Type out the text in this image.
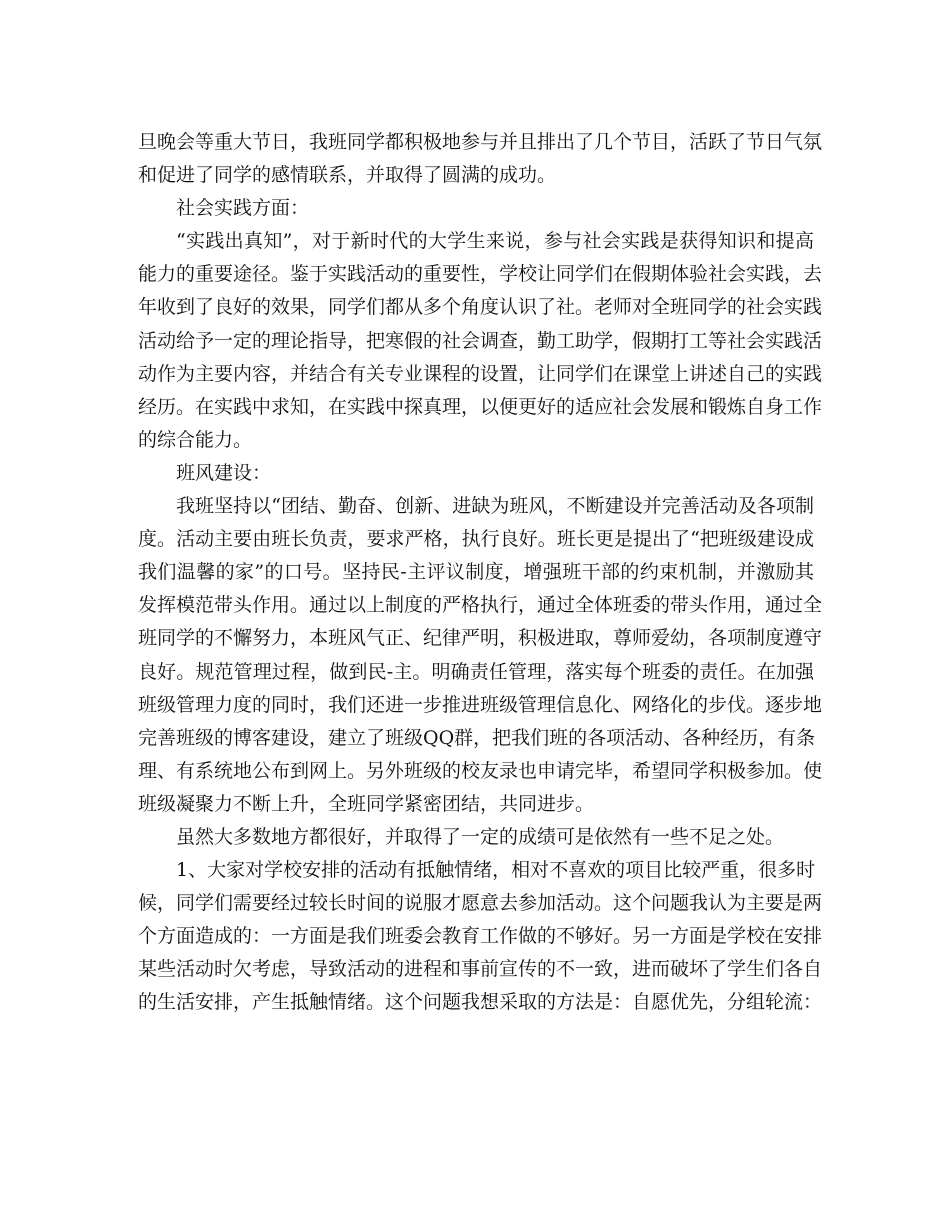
旦晚会等重大节日，我班同学都积极地参与并且排出了几个节目，活跃了节日气氛
和促进了同学的感情联系，并取得了圆满的成功。
社会实践方面：
“实践出真知”，对于新时代的大学生来说，参与社会实践是获得知识和提高
能力的重要途径。鉴于实践活动的重要性，学校让同学们在假期体验社会实践，去
年收到了良好的效果，同学们都从多个角度认识了社。老师对全班同学的社会实践
活动给予一定的理论指导，把寒假的社会调查，勤工助学，假期打工等社会实践活
动作为主要内容，并结合有关专业课程的设置，让同学们在课堂上讲述自己的实践
经历。在实践中求知，在实践中探真理，以便更好的适应社会发展和锻炼自身工作
的综合能力。
班风建设：
我班坚持以“团结、勤奋、创新、进缺为班风，不断建设并完善活动及各项制
度。活动主要由班长负责，要求严格，执行良好。班长更是提出了“把班级建设成
我们温馨的家”的口号。坚持民-主评议制度，增强班干部的约束机制，并激励其
发挥模范带头作用。通过以上制度的严格执行，通过全体班委的带头作用，通过全
班同学的不懈努力，本班风气正、纪律严明，积极进取，尊师爱幼，各项制度遵守
良好。规范管理过程，做到民-主。明确责任管理，落实每个班委的责任。在加强
班级管理力度的同时，我们还进一步推进班级管理信息化、网络化的步伐。逐步地
完善班级的博客建设，建立了班级QQ群，把我们班的各项活动、各种经历，有条
理、有系统地公布到网上。另外班级的校友录也申请完毕，希望同学积极参加。使
班级凝聚力不断上升，全班同学紧密团结，共同进步。
虽然大多数地方都很好，并取得了一定的成绩可是依然有一些不足之处。
1、大家对学校安排的活动有抵触情绪，相对不喜欢的项目比较严重，很多时
候，同学们需要经过较长时间的说服才愿意去参加活动。这个问题我认为主要是两
个方面造成的：一方面是我们班委会教育工作做的不够好。另一方面是学校在安排
某些活动时欠考虑，导致活动的进程和事前宣传的不一致，进而破坏了学生们各自
的生活安排，产生抵触情绪。这个问题我想采取的方法是：自愿优先，分组轮流：
